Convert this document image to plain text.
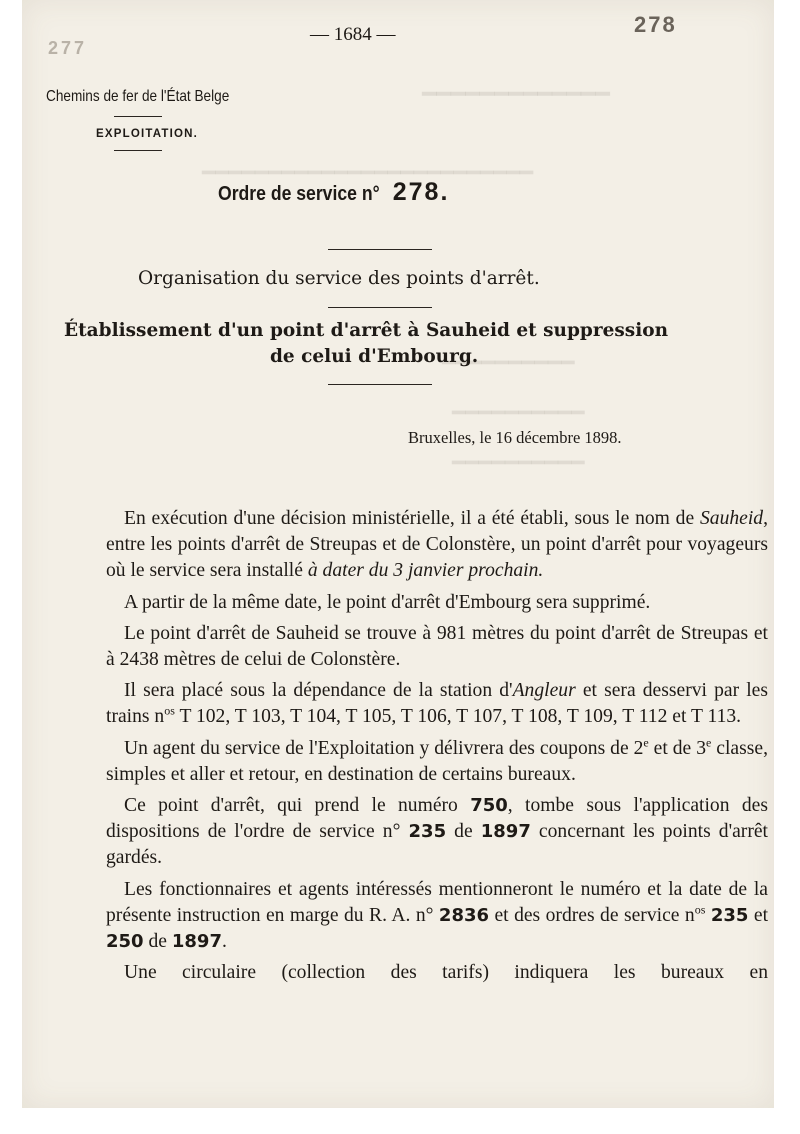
━━━━━━━━━━━━━
━━━━━━━━━━━━━━━━━━━━━━━━━
━━━━━━━━━━
━━━━━━━━━━
━━━━━━━━━━
— 1684 —	278
277
Chemins de fer de l'État Belge
EXPLOITATION.
Ordre de service n° 278.
Organisation du service des points d'arrêt.
Établissement d'un point d'arrêt à Sauheid et suppression
de celui d'Embourg.
Bruxelles, le 16 décembre 1898.

En exécution d'une décision ministérielle, il a été établi, sous le nom de Sauheid, entre les points d'arrêt de Streupas et de Colonstère, un point d'arrêt pour voyageurs où le service sera installé à dater du 3 janvier prochain.

A partir de la même date, le point d'arrêt d'Embourg sera supprimé.

Le point d'arrêt de Sauheid se trouve à 981 mètres du point d'arrêt de Streupas et à 2438 mètres de celui de Colonstère.

Il sera placé sous la dépendance de la station d'Angleur et sera desservi par les trains $n^{os}$ T 102, T 103, T 104, T 105, T 106, T 107, T 108, T 109, T 112 et T 113.

Un agent du service de l'Exploitation y délivrera des coupons de 2e et de 3e classe, simples et aller et retour, en destination de certains bureaux.

Ce point d'arrêt, qui prend le numéro 750, tombe sous l'application des dispositions de l'ordre de service n° 235 de 1897 concernant les points d'arrêt gardés.

Les fonctionnaires et agents intéressés mentionneront le numéro et la date de la présente instruction en marge du R. A. n° 2836 et des ordres de service $n^{os}$ 235 et 250 de 1897.

Une circulaire (collection des tarifs) indiquera les bureaux en
